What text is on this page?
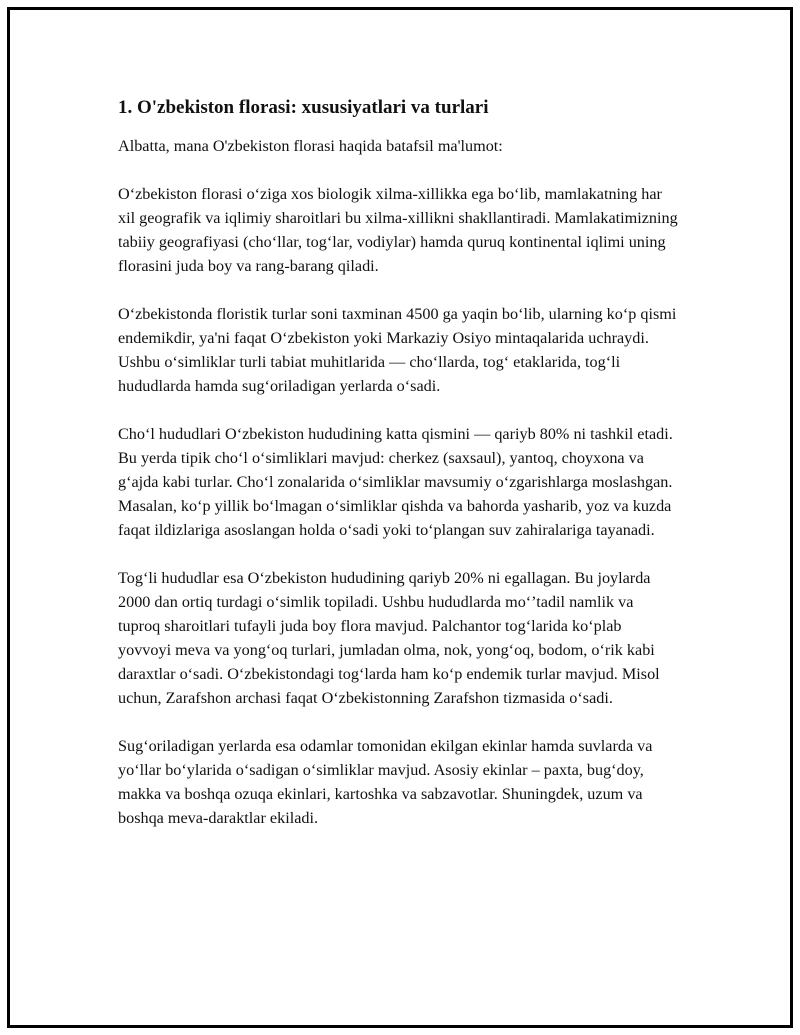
1. O'zbekiston florasi: xususiyatlari va turlari

Albatta, mana O'zbekiston florasi haqida batafsil ma'lumot:

O‘zbekiston florasi o‘ziga xos biologik xilma-xillikka ega bo‘lib, mamlakatning har xil geografik va iqlimiy sharoitlari bu xilma-xillikni shakllantiradi. Mamlakatimizning tabiiy geografiyasi (cho‘llar, tog‘lar, vodiylar) hamda quruq kontinental iqlimi uning florasini juda boy va rang-barang qiladi.

O‘zbekistonda floristik turlar soni taxminan 4500 ga yaqin bo‘lib, ularning ko‘p qismi endemikdir, ya'ni faqat O‘zbekiston yoki Markaziy Osiyo mintaqalarida uchraydi. Ushbu o‘simliklar turli tabiat muhitlarida — cho‘llarda, tog‘ etaklarida, tog‘li hududlarda hamda sug‘oriladigan yerlarda o‘sadi.

Cho‘l hududlari O‘zbekiston hududining katta qismini — qariyb 80% ni tashkil etadi. Bu yerda tipik cho‘l o‘simliklari mavjud: cherkez (saxsaul), yantoq, choyxona va g‘ajda kabi turlar. Cho‘l zonalarida o‘simliklar mavsumiy o‘zgarishlarga moslashgan. Masalan, ko‘p yillik bo‘lmagan o‘simliklar qishda va bahorda yasharib, yoz va kuzda faqat ildizlariga asoslangan holda o‘sadi yoki to‘plangan suv zahiralariga tayanadi.

Tog‘li hududlar esa O‘zbekiston hududining qariyb 20% ni egallagan. Bu joylarda 2000 dan ortiq turdagi o‘simlik topiladi. Ushbu hududlarda mo‘’tadil namlik va tuproq sharoitlari tufayli juda boy flora mavjud. Palchantor tog‘larida ko‘plab yovvoyi meva va yong‘oq turlari, jumladan olma, nok, yong‘oq, bodom, o‘rik kabi daraxtlar o‘sadi. O‘zbekistondagi tog‘larda ham ko‘p endemik turlar mavjud. Misol uchun, Zarafshon archasi faqat O‘zbekistonning Zarafshon tizmasida o‘sadi.

Sug‘oriladigan yerlarda esa odamlar tomonidan ekilgan ekinlar hamda suvlarda va yo‘llar bo‘ylarida o‘sadigan o‘simliklar mavjud. Asosiy ekinlar – paxta, bug‘doy, makka va boshqa ozuqa ekinlari, kartoshka va sabzavotlar. Shuningdek, uzum va boshqa meva-daraktlar ekiladi.
